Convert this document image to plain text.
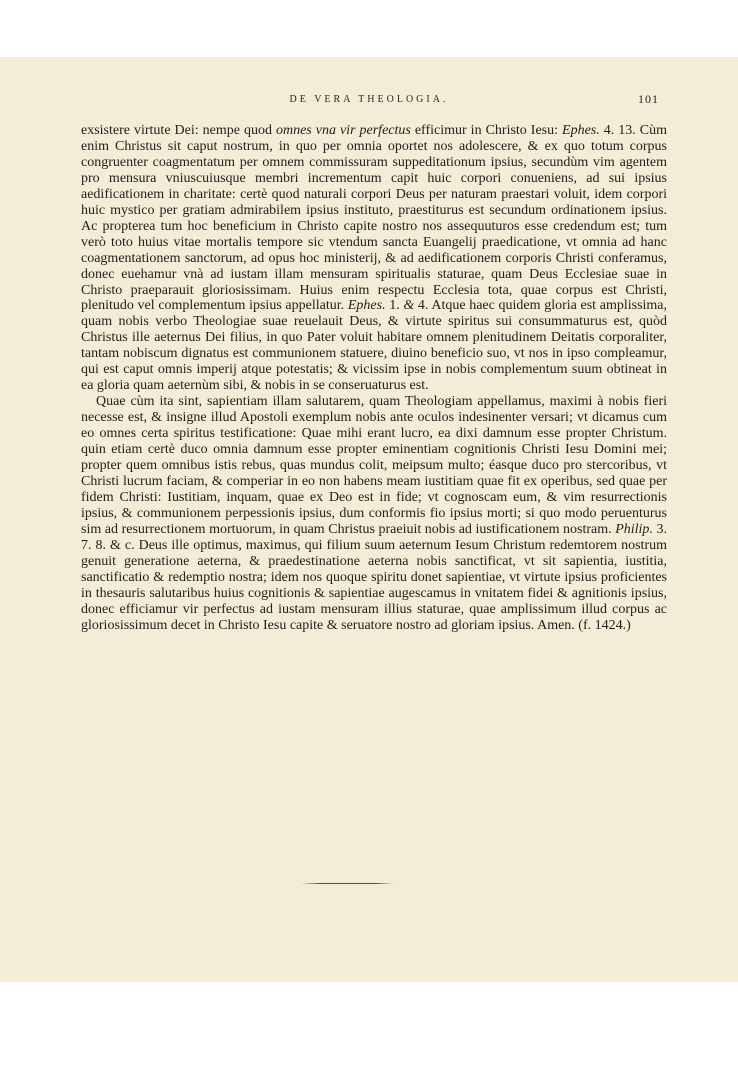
DE VERA THEOLOGIA.	101

exsistere virtute Dei: nempe quod omnes vna vir perfectus efficimur in Christo Iesu: Ephes. 4. 13. Cùm enim Christus sit caput nostrum, in quo per omnia oportet nos adolescere, & ex quo totum corpus congruenter coagmentatum per omnem commissuram suppeditationum ipsius, secundùm vim agentem pro mensura vniuscuiusque membri incrementum capit huic corpori conueniens, ad sui ipsius aedificationem in charitate: certè quod naturali corpori Deus per naturam praestari voluit, idem corpori huic mystico per gratiam admirabilem ipsius instituto, praestiturus est secundum ordinationem ipsius. Ac propterea tum hoc beneficium in Christo capite nostro nos assequuturos esse credendum est; tum verò toto huius vitae mortalis tempore sic vtendum sancta Euangelij praedicatione, vt omnia ad hanc coagmentationem sanctorum, ad opus hoc ministerij, & ad aedificationem corporis Christi conferamus, donec euehamur vnà ad iustam illam mensuram spiritualis staturae, quam Deus Ecclesiae suae in Christo praeparauit gloriosissimam. Huius enim respectu Ecclesia tota, quae corpus est Christi, plenitudo vel complementum ipsius appellatur. Ephes. 1. & 4. Atque haec quidem gloria est amplissima, quam nobis verbo Theologiae suae reuelauit Deus, & virtute spiritus sui consummaturus est, quòd Christus ille aeternus Dei filius, in quo Pater voluit habitare omnem plenitudinem Deitatis corporaliter, tantam nobiscum dignatus est communionem statuere, diuino beneficio suo, vt nos in ipso compleamur, qui est caput omnis imperij atque potestatis; & vicissim ipse in nobis complementum suum obtineat in ea gloria quam aeternùm sibi, & nobis in se conseruaturus est.

Quae cùm ita sint, sapientiam illam salutarem, quam Theologiam appellamus, maximi à nobis fieri necesse est, & insigne illud Apostoli exemplum nobis ante oculos indesinenter versari; vt dicamus cum eo omnes certa spiritus testificatione: Quae mihi erant lucro, ea dixi damnum esse propter Christum. quin etiam certè duco omnia damnum esse propter eminentiam cognitionis Christi Iesu Domini mei; propter quem omnibus istis rebus, quas mundus colit, meipsum multo; éasque duco pro stercoribus, vt Christi lucrum faciam, & comperiar in eo non habens meam iustitiam quae fit ex operibus, sed quae per fidem Christi: Iustitiam, inquam, quae ex Deo est in fide; vt cognoscam eum, & vim resurrectionis ipsius, & communionem perpessionis ipsius, dum conformis fio ipsius morti; si quo modo peruenturus sim ad resurrectionem mortuorum, in quam Christus praeiuit nobis ad iustificationem nostram. Philip. 3. 7. 8. & c. Deus ille optimus, maximus, qui filium suum aeternum Iesum Christum redemtorem nostrum genuit generatione aeterna, & praedestinatione aeterna nobis sanctificat, vt sit sapientia, iustitia, sanctificatio & redemptio nostra; idem nos quoque spiritu donet sapientiae, vt virtute ipsius proficientes in thesauris salutaribus huius cognitionis & sapientiae augescamus in vnitatem fidei & agnitionis ipsius, donec efficiamur vir perfectus ad iustam mensuram illius staturae, quae amplissimum illud corpus ac gloriosissimum decet in Christo Iesu capite & seruatore nostro ad gloriam ipsius. Amen. (f. 1424.)
